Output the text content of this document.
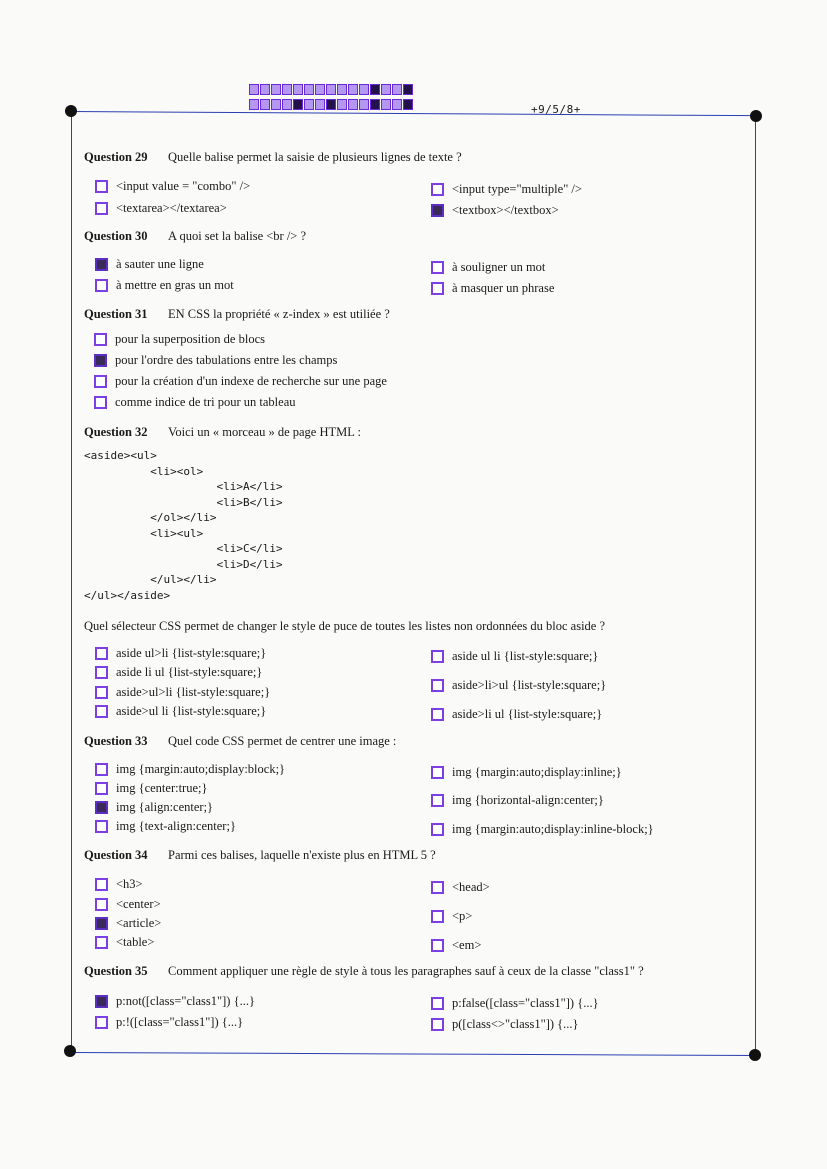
+9/5/8+
Question 29 Quelle balise permet la saisie de plusieurs lignes de texte ?
<input value = "combo" />
<textarea></textarea>
<input type="multiple" />
<textbox></textbox>
Question 30 A quoi set la balise <br /> ?
à sauter une ligne
à mettre en gras un mot
à souligner un mot
à masquer un phrase
Question 31 EN CSS la propriété « z-index » est utiliée ?
pour la superposition de blocs
pour l'ordre des tabulations entre les champs
pour la création d'un indexe de recherche sur une page
comme indice de tri pour un tableau
Question 32 Voici un « morceau » de page HTML :
<aside><ul>
<li><ol>
<li>A</li>
<li>B</li>
</ol></li>
<li><ul>
<li>C</li>
<li>D</li>
</ul></li>
</ul></aside>
Quel sélecteur CSS permet de changer le style de puce de toutes les listes non ordonnées du bloc aside ?
aside ul>li {list-style:square;}
aside li ul {list-style:square;}
aside>ul>li {list-style:square;}
aside>ul li {list-style:square;}
aside ul li {list-style:square;}
aside>li>ul {list-style:square;}
aside>li ul {list-style:square;}
Question 33 Quel code CSS permet de centrer une image :
img {margin:auto;display:block;}
img {center:true;}
img {align:center;}
img {text-align:center;}
img {margin:auto;display:inline;}
img {horizontal-align:center;}
img {margin:auto;display:inline-block;}
Question 34 Parmi ces balises, laquelle n'existe plus en HTML 5 ?
<h3>
<center>
<article>
<table>
<head>
<p>
<em>
Question 35 Comment appliquer une règle de style à tous les paragraphes sauf à ceux de la classe "class1" ?
p:not([class="class1"]) {...}
p:!([class="class1"]) {...}
p:false([class="class1"]) {...}
p([class<>"class1"]) {...}
